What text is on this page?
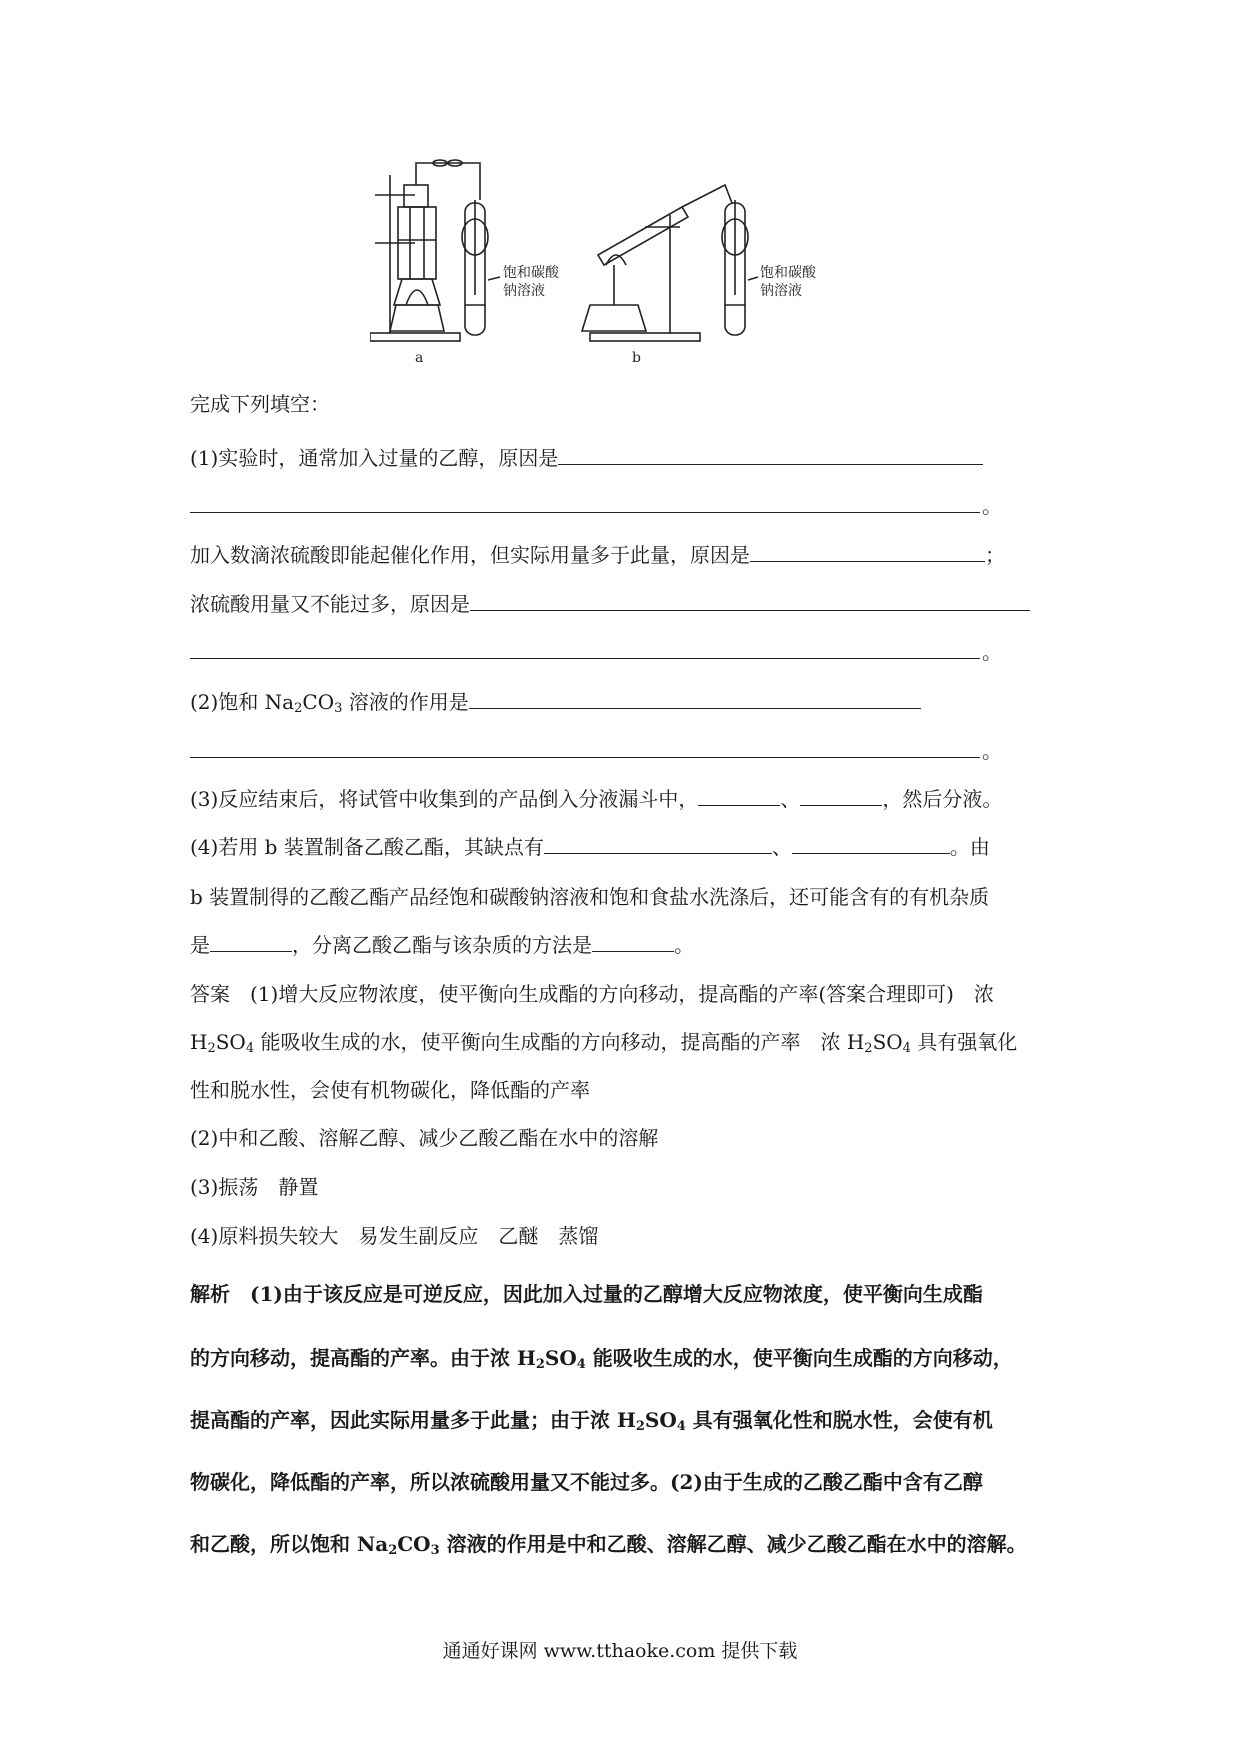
饱和碳酸
钠溶液
饱和碳酸
钠溶液
a	b
完成下列填空：
(1)实验时，通常加入过量的乙醇，原因是
。
加入数滴浓硫酸即能起催化作用，但实际用量多于此量，原因是	；
浓硫酸用量又不能过多，原因是
。
(2)饱和 $Na_2CO_3$ 溶液的作用是
。
(3)反应结束后，将试管中收集到的产品倒入分液漏斗中，	、	，然后分液。
(4)若用 b 装置制备乙酸乙酯，其缺点有	、	。由
b 装置制得的乙酸乙酯产品经饱和碳酸钠溶液和饱和食盐水洗涤后，还可能含有的有机杂质
是	，分离乙酸乙酯与该杂质的方法是	。
答案　 (1)增大反应物浓度，使平衡向生成酯的方向移动，提高酯的产率(答案合理即可)　浓
$H_2SO_4$ 能吸收生成的水，使平衡向生成酯的方向移动，提高酯的产率　浓 $H_2SO_4$ 具有强氧化
性和脱水性，会使有机物碳化，降低酯的产率
(2)中和乙酸、溶解乙醇、减少乙酸乙酯在水中的溶解
(3)振荡　静置
(4)原料损失较大　易发生副反应　乙醚　蒸馏
解析　 (1)由于该反应是可逆反应，因此加入过量的乙醇增大反应物浓度，使平衡向生成酯
的方向移动，提高酯的产率。由于浓 $H_2SO_4$ 能吸收生成的水，使平衡向生成酯的方向移动，
提高酯的产率，因此实际用量多于此量；由于浓 $H_2SO_4$ 具有强氧化性和脱水性，会使有机
物碳化，降低酯的产率，所以浓硫酸用量又不能过多。(2)由于生成的乙酸乙酯中含有乙醇
和乙酸，所以饱和 $Na_2CO_3$ 溶液的作用是中和乙酸、溶解乙醇、减少乙酸乙酯在水中的溶解。
通通好课网 www.tthaoke.com 提供下载
